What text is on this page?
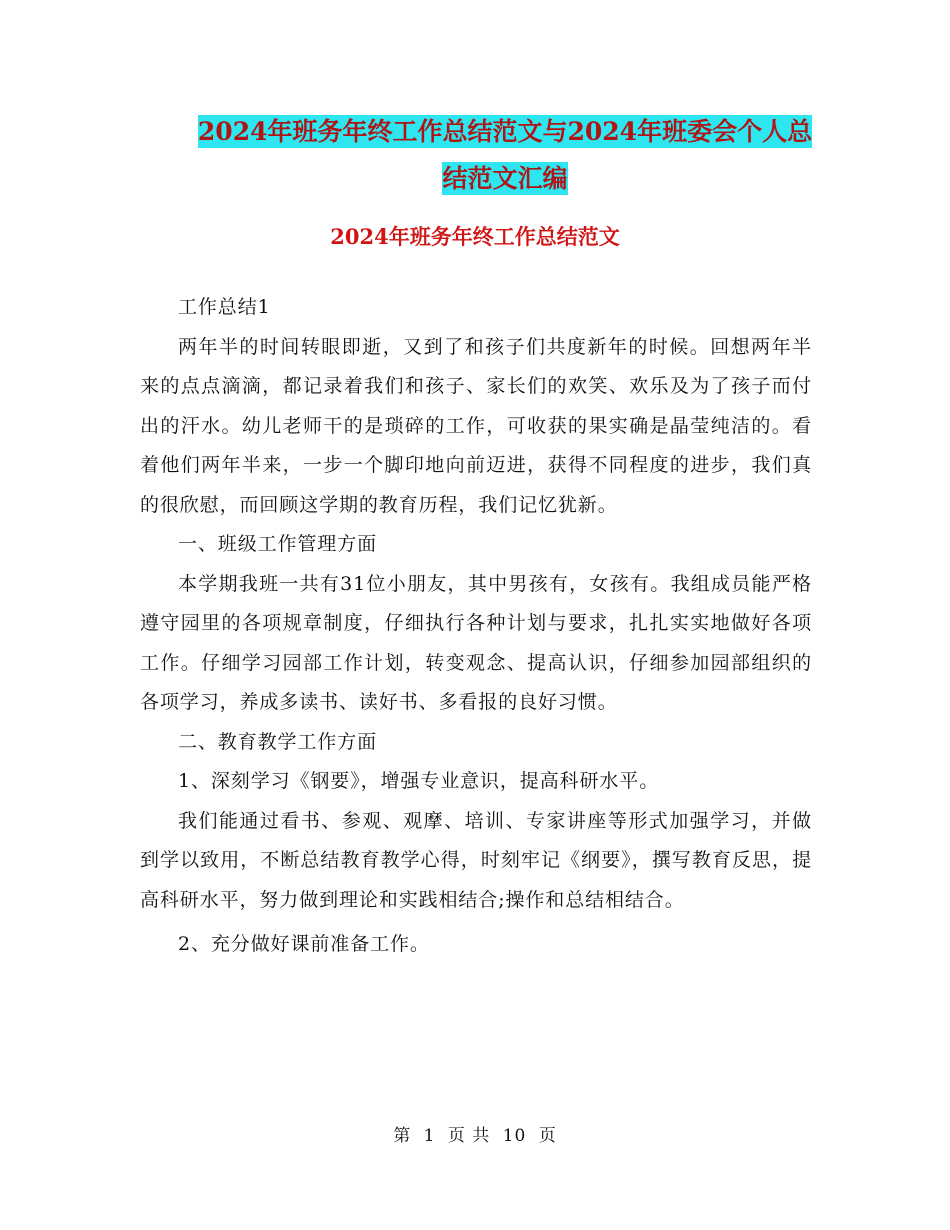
2024年班务年终工作总结范文与2024年班委会个人总
结范文汇编
2024年班务年终工作总结范文

工作总结1

两年半的时间转眼即逝，又到了和孩子们共度新年的时候。回想两年半来的点点滴滴，都记录着我们和孩子、家长们的欢笑、欢乐及为了孩子而付出的汗水。幼儿老师干的是琐碎的工作，可收获的果实确是晶莹纯洁的。看着他们两年半来，一步一个脚印地向前迈进，获得不同程度的进步，我们真的很欣慰，而回顾这学期的教育历程，我们记忆犹新。

一、班级工作管理方面

本学期我班一共有31位小朋友，其中男孩有，女孩有。我组成员能严格遵守园里的各项规章制度，仔细执行各种计划与要求，扎扎实实地做好各项工作。仔细学习园部工作计划，转变观念、提高认识，仔细参加园部组织的各项学习，养成多读书、读好书、多看报的良好习惯。

二、教育教学工作方面

1、深刻学习《钢要》，增强专业意识，提高科研水平。

我们能通过看书、参观、观摩、培训、专家讲座等形式加强学习，并做到学以致用，不断总结教育教学心得，时刻牢记《纲要》，撰写教育反思，提高科研水平，努力做到理论和实践相结合;操作和总结相结合。

2、充分做好课前准备工作。

第 1 页 共 10 页
